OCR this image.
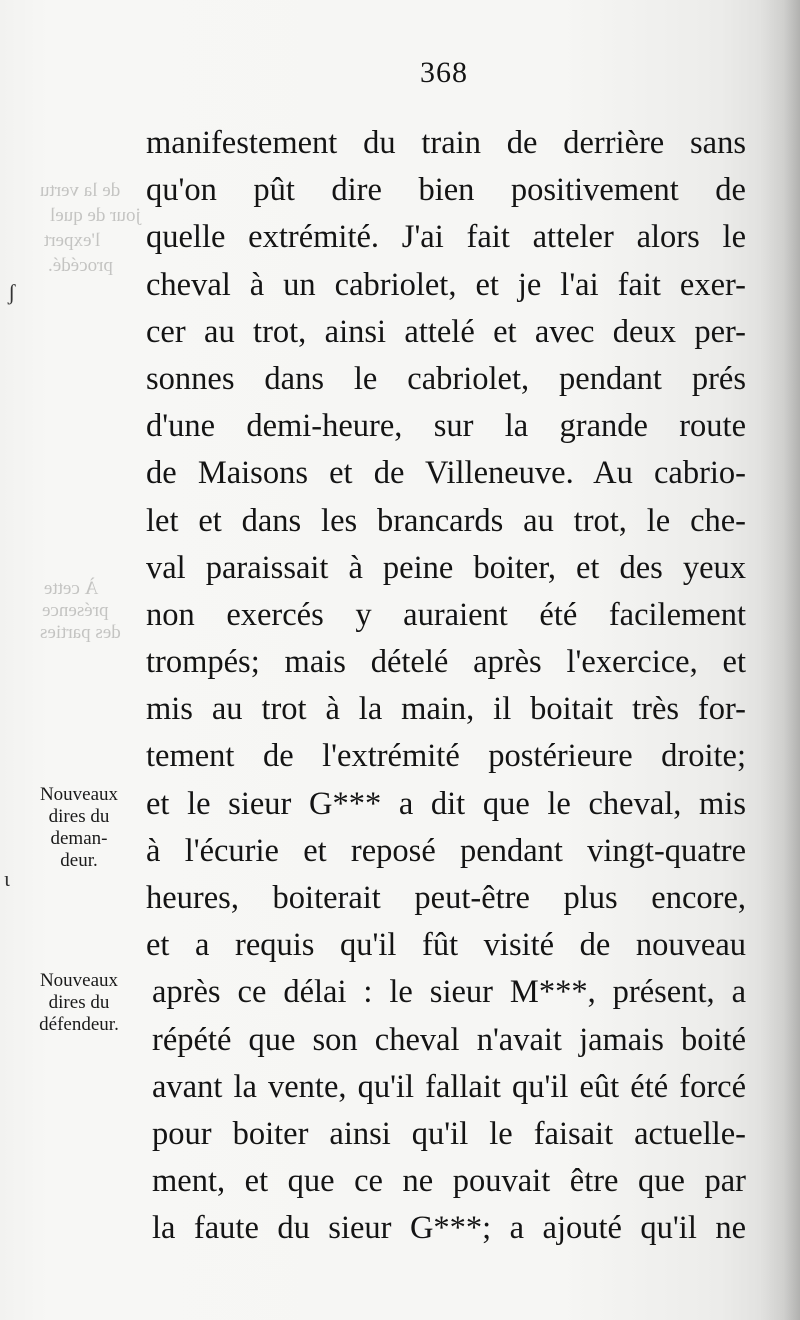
de la vertu
jour de quel
l'expert
procédé.
À cette
présence
des parties
ʃ
ɩ
368
manifestement du train de derrière sans
qu'on pût dire bien positivement de
quelle extrémité. J'ai fait atteler alors le
cheval à un cabriolet, et je l'ai fait exer-
cer au trot, ainsi attelé et avec deux per-
sonnes dans le cabriolet, pendant prés
d'une demi-heure, sur la grande route
de Maisons et de Villeneuve. Au cabrio-
let et dans les brancards au trot, le che-
val paraissait à peine boiter, et des yeux
non exercés y auraient été facilement
trompés; mais dételé après l'exercice, et
mis au trot à la main, il boitait très for-
tement de l'extrémité postérieure droite;
et le sieur G*** a dit que le cheval, mis
à l'écurie et reposé pendant vingt-quatre
heures, boiterait peut-être plus encore,
et a requis qu'il fût visité de nouveau
après ce délai : le sieur M***, présent, a
répété que son cheval n'avait jamais boité
avant la vente, qu'il fallait qu'il eût été forcé
pour boiter ainsi qu'il le faisait actuelle-
ment, et que ce ne pouvait être que par
la faute du sieur G***; a ajouté qu'il ne
Nouveaux
dires du
deman-
deur.
Nouveaux
dires du
défendeur.
